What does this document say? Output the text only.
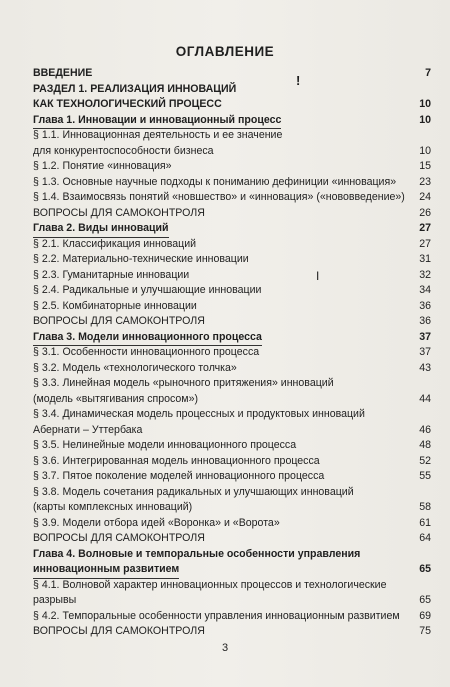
ОГЛАВЛЕНИЕ
ВВЕДЕНИЕ	7
РАЗДЕЛ 1. РЕАЛИЗАЦИЯ ИННОВАЦИЙ
КАК ТЕХНОЛОГИЧЕСКИЙ ПРОЦЕСС	10
Глава 1. Инновации и инновационный процесс	10
!
§ 1.1. Инновационная деятельность и ее значение
для конкурентоспособности бизнеса	10
§ 1.2. Понятие «инновация»	15
§ 1.3. Основные научные подходы к пониманию дефиниции «инновация» 23
§ 1.4. Взаимосвязь понятий «новшество» и «инновация» («нововведение») 24
ВОПРОСЫ ДЛЯ САМОКОНТРОЛЯ	26
Глава 2. Виды инноваций	27
§ 2.1. Классификация инноваций	27
§ 2.2. Материально-технические инновации	31
§ 2.3. Гуманитарные инновации	32
I
§ 2.4. Радикальные и улучшающие инновации	34
§ 2.5. Комбинаторные инновации	36
ВОПРОСЫ ДЛЯ САМОКОНТРОЛЯ	36
Глава 3. Модели инновационного процесса	37
§ 3.1. Особенности инновационного процесса	37
§ 3.2. Модель «технологического толчка»	43
§ 3.3. Линейная модель «рыночного притяжения» инноваций
(модель «вытягивания спросом»)	44
§ 3.4. Динамическая модель процессных и продуктовых инноваций
Абернати – Уттербака	46
§ 3.5. Нелинейные модели инновационного процесса	48
§ 3.6. Интегрированная модель инновационного процесса	52
§ 3.7. Пятое поколение моделей инновационного процесса	55
§ 3.8. Модель сочетания радикальных и улучшающих инноваций
(карты комплексных инноваций)	58
§ 3.9. Модели отбора идей «Воронка» и «Ворота»	61
ВОПРОСЫ ДЛЯ САМОКОНТРОЛЯ	64
Глава 4. Волновые и темпоральные особенности управления
инновационным развитием	65
§ 4.1. Волновой характер инновационных процессов и технологические
разрывы	65
§ 4.2. Темпоральные особенности управления инновационным развитием 69
ВОПРОСЫ ДЛЯ САМОКОНТРОЛЯ	75
3
